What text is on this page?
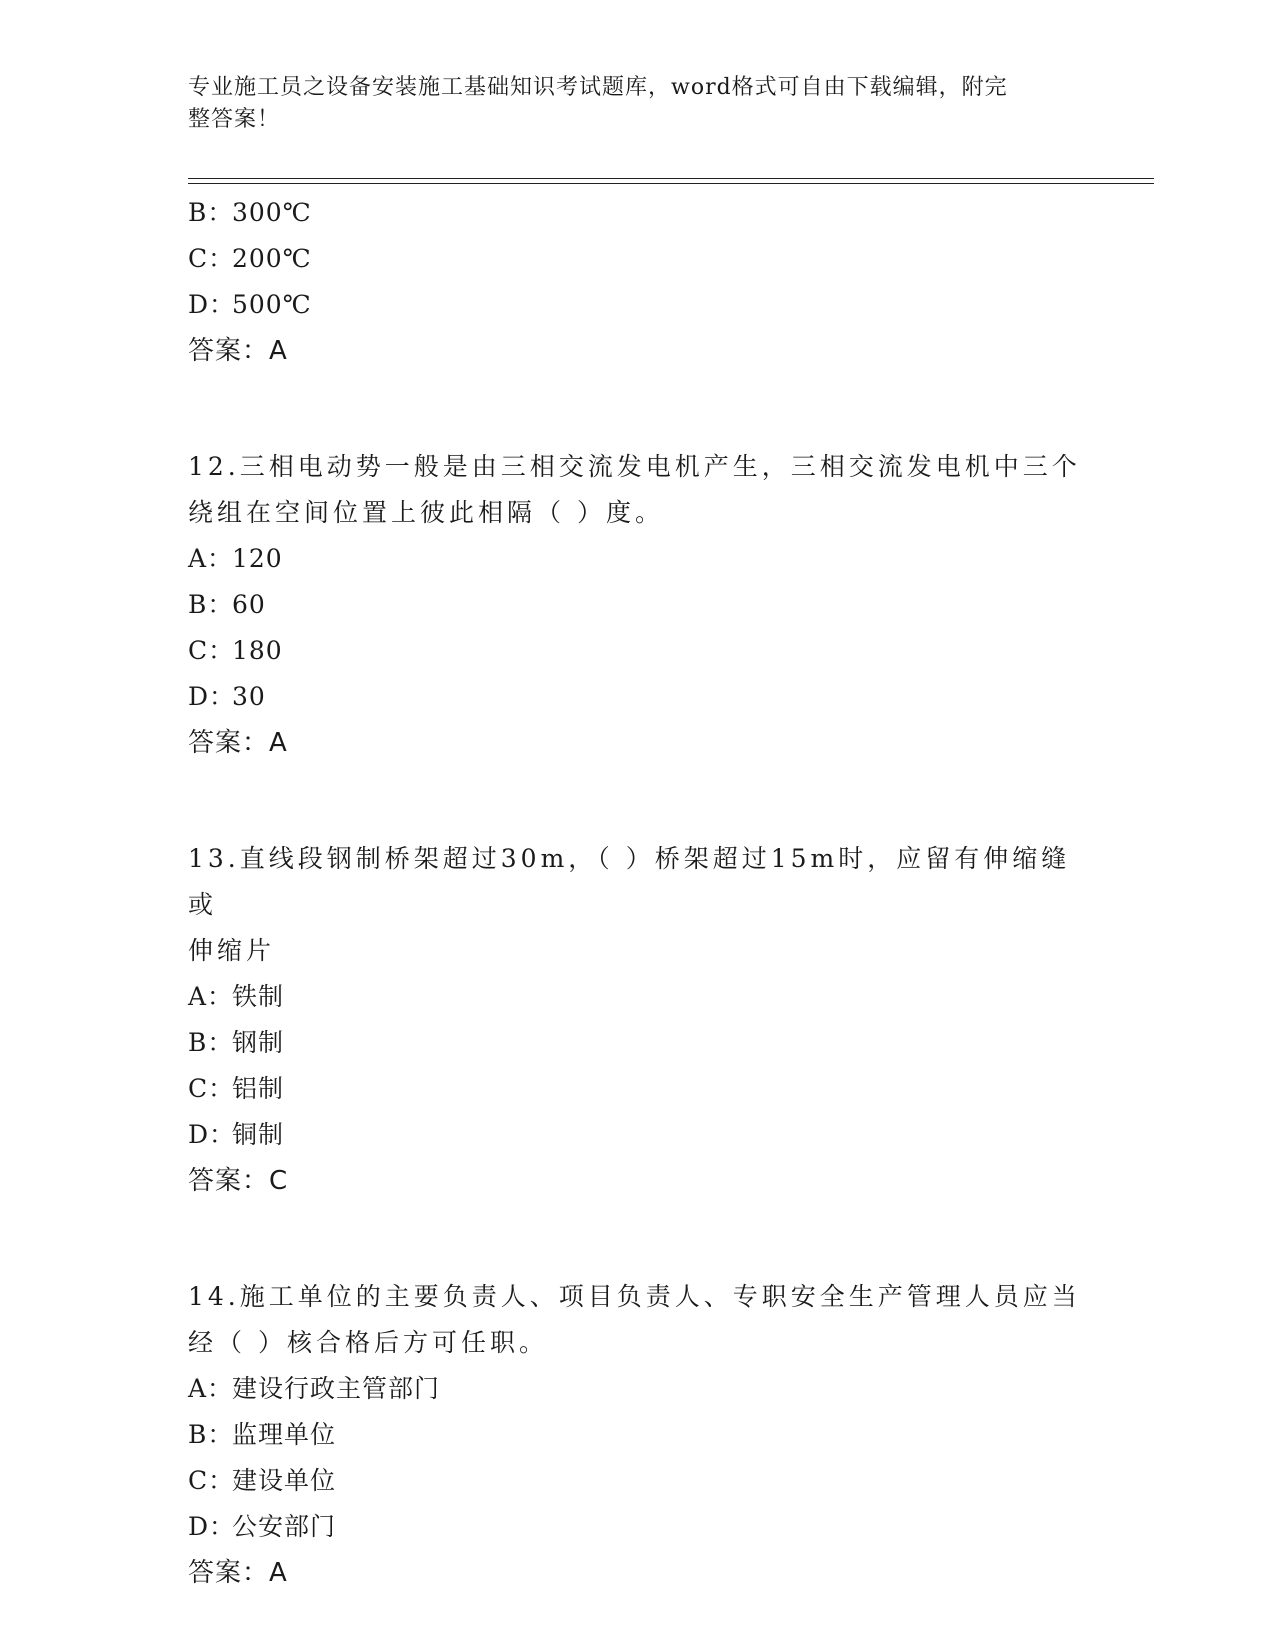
专业施工员之设备安装施工基础知识考试题库，word格式可自由下载编辑，附完
整答案！
B：300℃
C：200℃
D：500℃
答案：A
12.三相电动势一般是由三相交流发电机产生，三相交流发电机中三个
绕组在空间位置上彼此相隔（ ）度。
A：120
B：60
C：180
D：30
答案：A
13.直线段钢制桥架超过30m，（ ）桥架超过15m时，应留有伸缩缝或
伸缩片
A：铁制
B：钢制
C：铝制
D：铜制
答案：C
14.施工单位的主要负责人、项目负责人、专职安全生产管理人员应当
经（ ）核合格后方可任职。
A：建设行政主管部门
B：监理单位
C：建设单位
D：公安部门
答案：A
